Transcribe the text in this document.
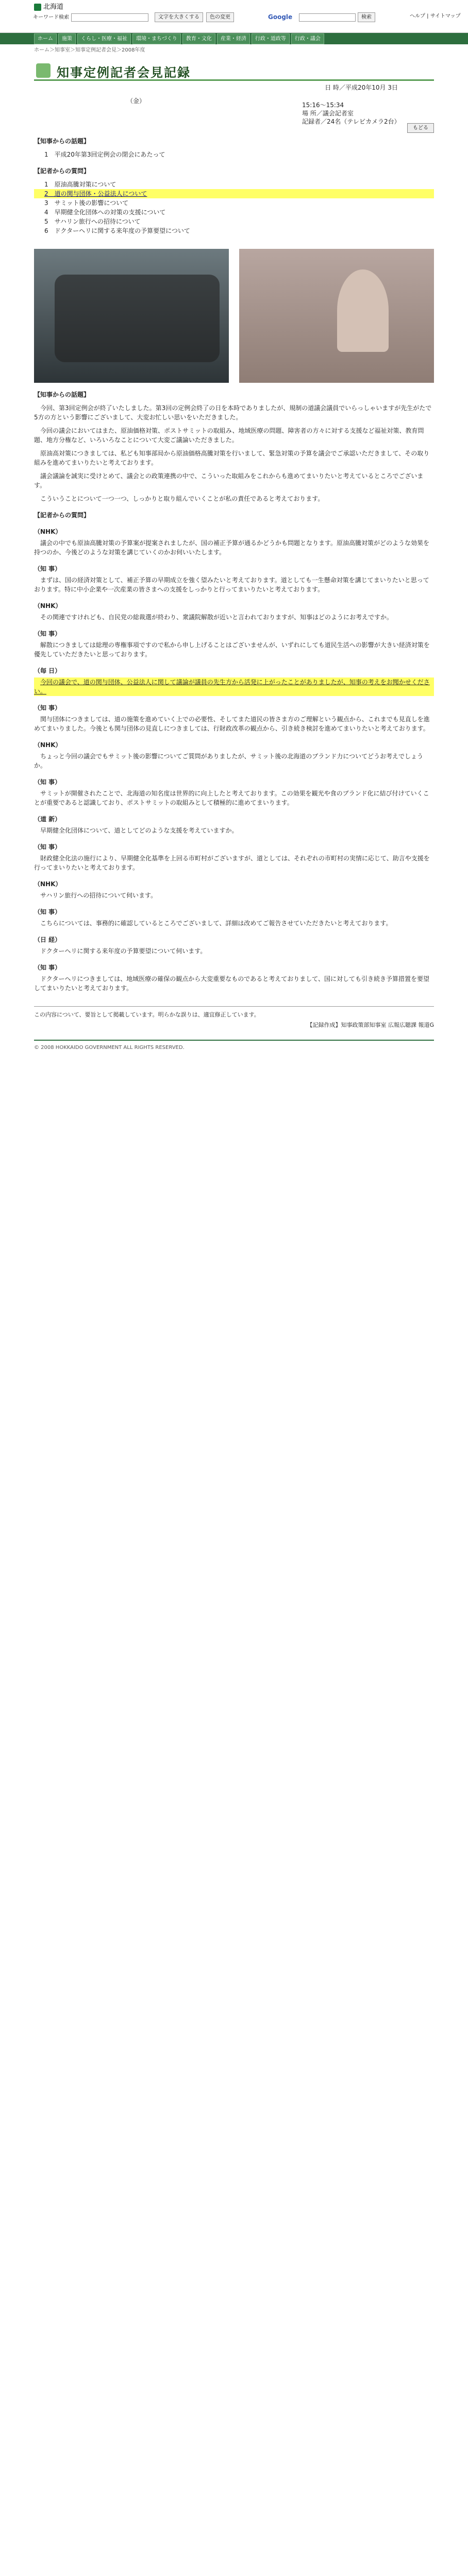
北海道
キーワード検索	文字を大きくする	色の変更	Google	検索	ヘルプ | サイトマップ
ホーム	施策	くらし・医療・福祉	環境・まちづくり	教育・文化	産業・経済	行政・道政等	行政・議会
ホーム＞知事室＞知事定例記者会見＞2008年度
知事定例記者会見記録
日 時／平成20年10月 3日
（金）
15:16〜15:34
場 所／議会記者室
記録者／24名（テレビカメラ2台）
もどる
【知事からの話題】
1　平成20年第3回定例会の閉会にあたって
【記者からの質問】
1　原油高騰対策について
2　道の関与団体・公益法人について
3　サミット後の影響について
4　早期健全化団体への対策の支援について
5　サハリン旅行への招待について
6　ドクターヘリに関する来年度の予算要望について
【知事からの話題】

今回、第3回定例会が終了いたしました。第3回の定例会終了の日を本時でありましたが、規制の道議会議員でいらっしゃいますが先生がたで5方の方という影響にございまして、大変お忙しい思いをいただきました。

今回の議会においてはまた、原油価格対策、ポストサミットの取組み、地域医療の問題、障害者の方々に対する支援など福祉対策、教育問題、地方分権など、いろいろなことについて大変ご議論いただきました。

原油高対策につきましては、私ども知事部局から原油価格高騰対策を行いまして、緊急対策の予算を議会でご承認いただきまして、その取り組みを進めてまいりたいと考えております。

議会議論を誠実に受けとめて、議会との政策連携の中で、こういった取組みをこれからも進めてまいりたいと考えているところでございます。

こういうことについて一つ一つ、しっかりと取り組んでいくことが私の責任であると考えております。

【記者からの質問】
（NHK）

議会の中でも原油高騰対策の予算案が提案されましたが、国の補正予算が通るかどうかも問題となります。原油高騰対策がどのような効果を持つのか、今後どのような対策を講じていくのかお伺いいたします。

（知 事）

まずは、国の経済対策として、補正予算の早期成立を強く望みたいと考えております。道としても一生懸命対策を講じてまいりたいと思っております。特に中小企業や一次産業の皆さまへの支援をしっかりと行ってまいりたいと考えております。

（NHK）

その関連ですけれども、自民党の総裁選が終わり、衆議院解散が近いと言われておりますが、知事はどのようにお考えですか。

（知 事）

解散につきましては総理の専権事項ですので私から申し上げることはございませんが、いずれにしても道民生活への影響が大きい経済対策を優先していただきたいと思っております。

（毎 日）

今回の議会で、道の関与団体、公益法人に関して議論が議員の先生方から活発に上がったことがありましたが、知事の考えをお聞かせください。

（知 事）

関与団体につきましては、道の施策を進めていく上での必要性、そしてまた道民の皆さま方のご理解という観点から、これまでも見直しを進めてまいりました。今後とも関与団体の見直しにつきましては、行財政改革の観点から、引き続き検討を進めてまいりたいと考えております。

（NHK）

ちょっと今回の議会でもサミット後の影響についてご質問がありましたが、サミット後の北海道のブランド力についてどうお考えでしょうか。

（知 事）

サミットが開催されたことで、北海道の知名度は世界的に向上したと考えております。この効果を観光や食のブランド化に結び付けていくことが重要であると認識しており、ポストサミットの取組みとして積極的に進めてまいります。

（道 新）

早期健全化団体について、道としてどのような支援を考えていますか。

（知 事）

財政健全化法の施行により、早期健全化基準を上回る市町村がございますが、道としては、それぞれの市町村の実情に応じて、助言や支援を行ってまいりたいと考えております。

（NHK）

サハリン旅行への招待について伺います。

（知 事）

こちらについては、事務的に確認しているところでございまして、詳細は改めてご報告させていただきたいと考えております。

（日 経）

ドクターヘリに関する来年度の予算要望について伺います。

（知 事）

ドクターヘリにつきましては、地域医療の確保の観点から大変重要なものであると考えておりまして、国に対しても引き続き予算措置を要望してまいりたいと考えております。

この内容について、要旨として掲載しています。明らかな誤りは、適宜修正しています。
【記録作成】知事政策部知事室 広報広聴課 報道G
© 2008 HOKKAIDO GOVERNMENT ALL RIGHTS RESERVED.
